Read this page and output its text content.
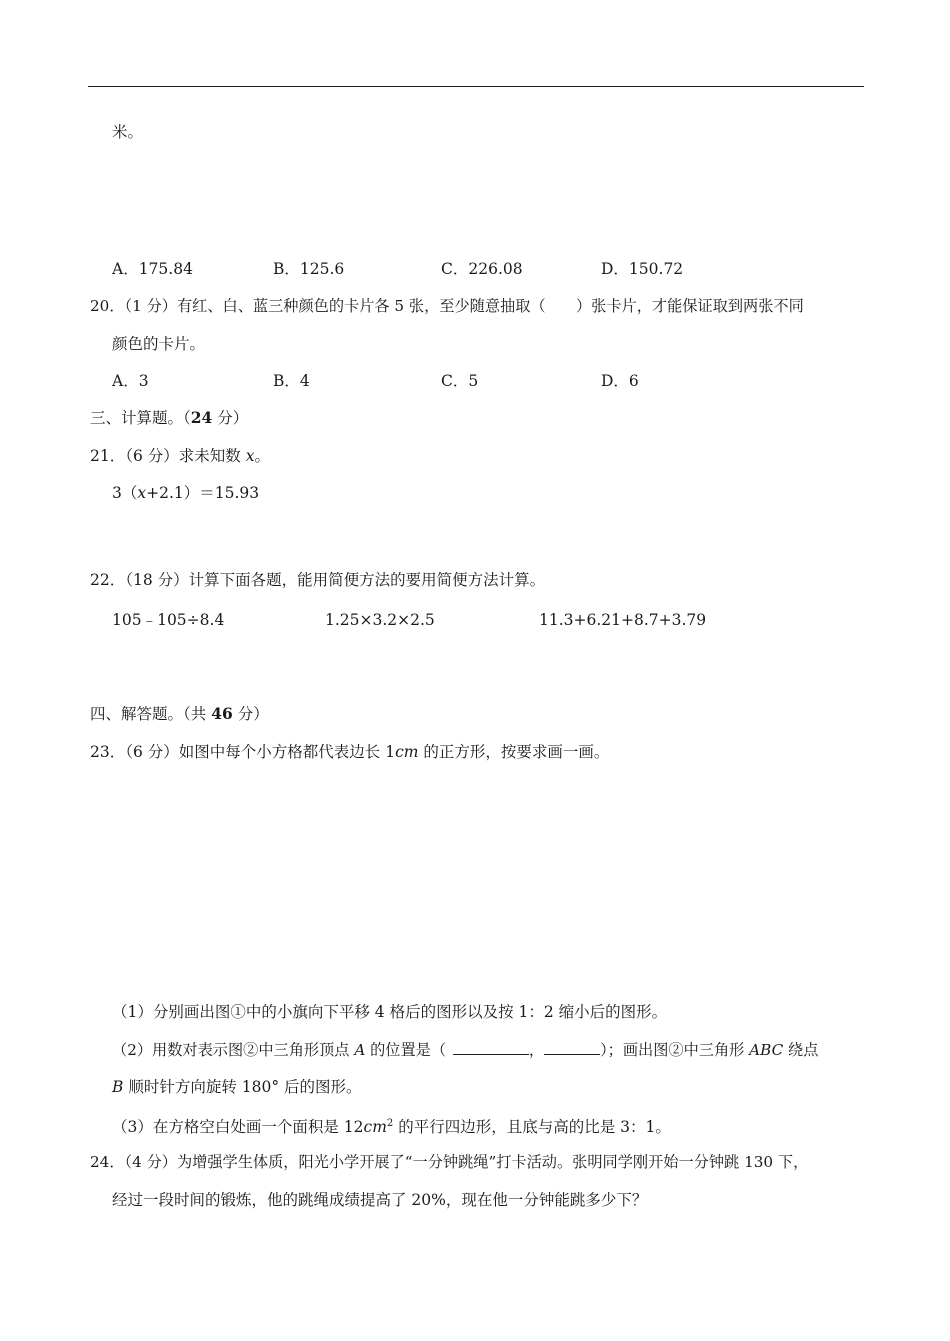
米。
A．175.84	B．125.6	C．226.08	D．150.72
20．（1 分）有红、白、蓝三种颜色的卡片各 5 张，至少随意抽取（　　）张卡片，才能保证取到两张不同
颜色的卡片。
A．3	B．4	C．5	D．6
三、计算题。（24 分）
21．（6 分）求未知数 x。
3（x+2.1）＝15.93
22．（18 分）计算下面各题，能用简便方法的要用简便方法计算。
105﹣105÷8.4	1.25×3.2×2.5	11.3+6.21+8.7+3.79
四、解答题。（共 46 分）
23．（6 分）如图中每个小方格都代表边长 1cm 的正方形，按要求画一画。
（1）分别画出图①中的小旗向下平移 4 格后的图形以及按 1：2 缩小后的图形。
（2）用数对表示图②中三角形顶点 A 的位置是（	，	）；画出图②中三角形 ABC 绕点
B 顺时针方向旋转 180° 后的图形。
（3）在方格空白处画一个面积是 $12cm^2$ 的平行四边形，且底与高的比是 3：1。
24．（4 分）为增强学生体质，阳光小学开展了“一分钟跳绳”打卡活动。张明同学刚开始一分钟跳 130 下，
经过一段时间的锻炼，他的跳绳成绩提高了 20%，现在他一分钟能跳多少下？
